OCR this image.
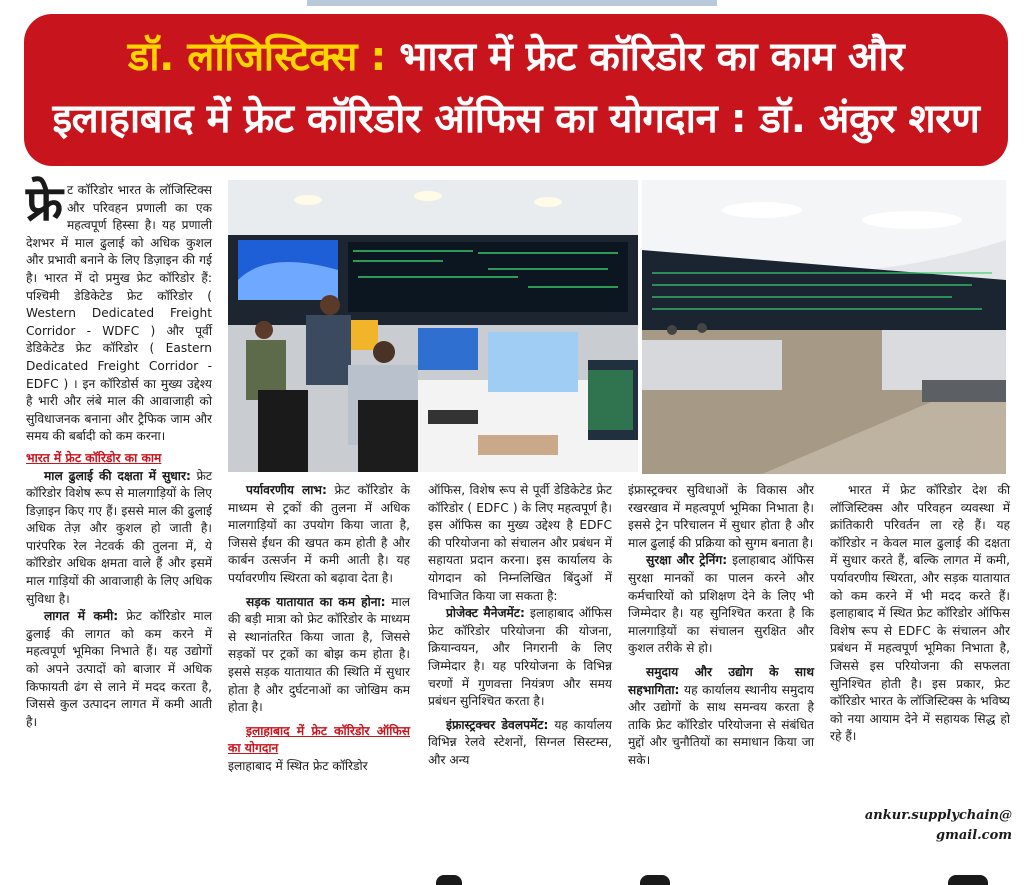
डॉ. लॉजिस्टिक्स : भारत में फ्रेट कॉरिडोर का काम और
इलाहाबाद में फ्रेट कॉरिडोर ऑफिस का योगदान : डॉ. अंकुर शरण

फ्रे ट कॉरिडोर भारत के लॉजिस्टिक्स और परिवहन प्रणाली का एक महत्वपूर्ण हिस्सा है। यह प्रणाली देशभर में माल ढुलाई को अधिक कुशल और प्रभावी बनाने के लिए डिज़ाइन की गई है। भारत में दो प्रमुख फ्रेट कॉरिडोर हैं: पश्चिमी डेडिकेटेड फ्रेट कॉरिडोर ( Western Dedicated Freight Corridor - WDFC ) और पूर्वी डेडिकेटेड फ्रेट कॉरिडोर ( Eastern Dedicated Freight Corridor - EDFC ) । इन कॉरिडोर्स का मुख्य उद्देश्य है भारी और लंबे माल की आवाजाही को सुविधाजनक बनाना और ट्रैफिक जाम और समय की बर्बादी को कम करना।

भारत में फ्रेट कॉरिडोर का काम

माल ढुलाई की दक्षता में सुधार: फ्रेट कॉरिडोर विशेष रूप से मालगाड़ियों के लिए डिज़ाइन किए गए हैं। इससे माल की ढुलाई अधिक तेज़ और कुशल हो जाती है। पारंपरिक रेल नेटवर्क की तुलना में, ये कॉरिडोर अधिक क्षमता वाले हैं और इसमें माल गाड़ियों की आवाजाही के लिए अधिक सुविधा है।

लागत में कमी: फ्रेट कॉरिडोर माल ढुलाई की लागत को कम करने में महत्वपूर्ण भूमिका निभाते हैं। यह उद्योगों को अपने उत्पादों को बाजार में अधिक किफायती ढंग से लाने में मदद करता है, जिससे कुल उत्पादन लागत में कमी आती है।

पर्यावरणीय लाभ: फ्रेट कॉरिडोर के माध्यम से ट्रकों की तुलना में अधिक मालगाड़ियों का उपयोग किया जाता है, जिससे ईंधन की खपत कम होती है और कार्बन उत्सर्जन में कमी आती है। यह पर्यावरणीय स्थिरता को बढ़ावा देता है।

सड़क यातायात का कम होना: माल की बड़ी मात्रा को फ्रेट कॉरिडोर के माध्यम से स्थानांतरित किया जाता है, जिससे सड़कों पर ट्रकों का बोझ कम होता है। इससे सड़क यातायात की स्थिति में सुधार होता है और दुर्घटनाओं का जोखिम कम होता है।

इलाहाबाद में फ्रेट कॉरिडोर ऑफिस का योगदान

इलाहाबाद में स्थित फ्रेट कॉरिडोर

ऑफिस, विशेष रूप से पूर्वी डेडिकेटेड फ्रेट कॉरिडोर ( EDFC ) के लिए महत्वपूर्ण है। इस ऑफिस का मुख्य उद्देश्य है EDFC की परियोजना को संचालन और प्रबंधन में सहायता प्रदान करना। इस कार्यालय के योगदान को निम्नलिखित बिंदुओं में विभाजित किया जा सकता है:

प्रोजेक्ट मैनेजमेंट: इलाहाबाद ऑफिस फ्रेट कॉरिडोर परियोजना की योजना, क्रियान्वयन, और निगरानी के लिए जिम्मेदार है। यह परियोजना के विभिन्न चरणों में गुणवत्ता नियंत्रण और समय प्रबंधन सुनिश्चित करता है।

इंफ्रास्ट्रक्चर डेवलपमेंट: यह कार्यालय विभिन्न रेलवे स्टेशनों, सिग्नल सिस्टम्स, और अन्य

इंफ्रास्ट्रक्चर सुविधाओं के विकास और रखरखाव में महत्वपूर्ण भूमिका निभाता है। इससे ट्रेन परिचालन में सुधार होता है और माल ढुलाई की प्रक्रिया को सुगम बनाता है।

सुरक्षा और ट्रेनिंग: इलाहाबाद ऑफिस सुरक्षा मानकों का पालन करने और कर्मचारियों को प्रशिक्षण देने के लिए भी जिम्मेदार है। यह सुनिश्चित करता है कि मालगाड़ियों का संचालन सुरक्षित और कुशल तरीके से हो।

समुदाय और उद्योग के साथ सहभागिता: यह कार्यालय स्थानीय समुदाय और उद्योगों के साथ समन्वय करता है ताकि फ्रेट कॉरिडोर परियोजना से संबंधित मुद्दों और चुनौतियों का समाधान किया जा सके।

भारत में फ्रेट कॉरिडोर देश की लॉजिस्टिक्स और परिवहन व्यवस्था में क्रांतिकारी परिवर्तन ला रहे हैं। यह कॉरिडोर न केवल माल ढुलाई की दक्षता में सुधार करते हैं, बल्कि लागत में कमी, पर्यावरणीय स्थिरता, और सड़क यातायात को कम करने में भी मदद करते हैं। इलाहाबाद में स्थित फ्रेट कॉरिडोर ऑफिस विशेष रूप से EDFC के संचालन और प्रबंधन में महत्वपूर्ण भूमिका निभाता है, जिससे इस परियोजना की सफलता सुनिश्चित होती है। इस प्रकार, फ्रेट कॉरिडोर भारत के लॉजिस्टिक्स के भविष्य को नया आयाम देने में सहायक सिद्ध हो रहे हैं।

ankur.supplychain@
gmail.com
